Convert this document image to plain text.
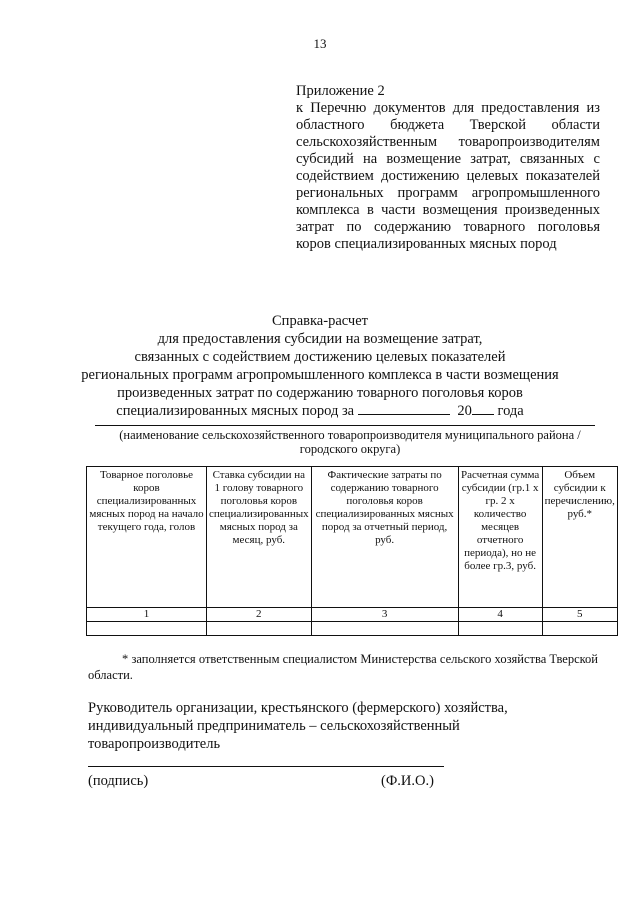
13

Приложение 2

к Перечню документов для предоставления из областного бюджета Тверской области сельскохозяйственным товаропроизводителям субсидий на возмещение затрат, связанных с содействием достижению целевых показателей региональных программ агропромышленного комплекса в части возмещения произведенных затрат по содержанию товарного поголовья коров специализированных мясных пород
Справка-расчет
для предоставления субсидии на возмещение затрат,
связанных с содействием достижению целевых показателей
региональных программ агропромышленного комплекса в части возмещения
произведенных затрат по содержанию товарного поголовья коров
специализированных мясных пород за	20 года
(наименование сельскохозяйственного товаропроизводителя муниципального района / городского округа)
Товарное поголовье коров специализированных мясных пород на начало текущего года, голов	Ставка субсидии на 1 голову товарного поголовья коров специализированных мясных пород за месяц, руб.	Фактические затраты по содержанию товарного поголовья коров специализированных мясных пород за отчетный период, руб.	Расчетная сумма субсидии (гр.1 x гр. 2 x количество месяцев отчетного периода), но не более гр.3, руб.	Объем субсидии к перечислению, руб.*
1	2	3	4	5

* заполняется ответственным специалистом Министерства сельского хозяйства Тверской области.
Руководитель организации, крестьянского (фермерского) хозяйства,
индивидуальный предприниматель – сельскохозяйственный
товаропроизводитель
(подпись)	(Ф.И.О.)
